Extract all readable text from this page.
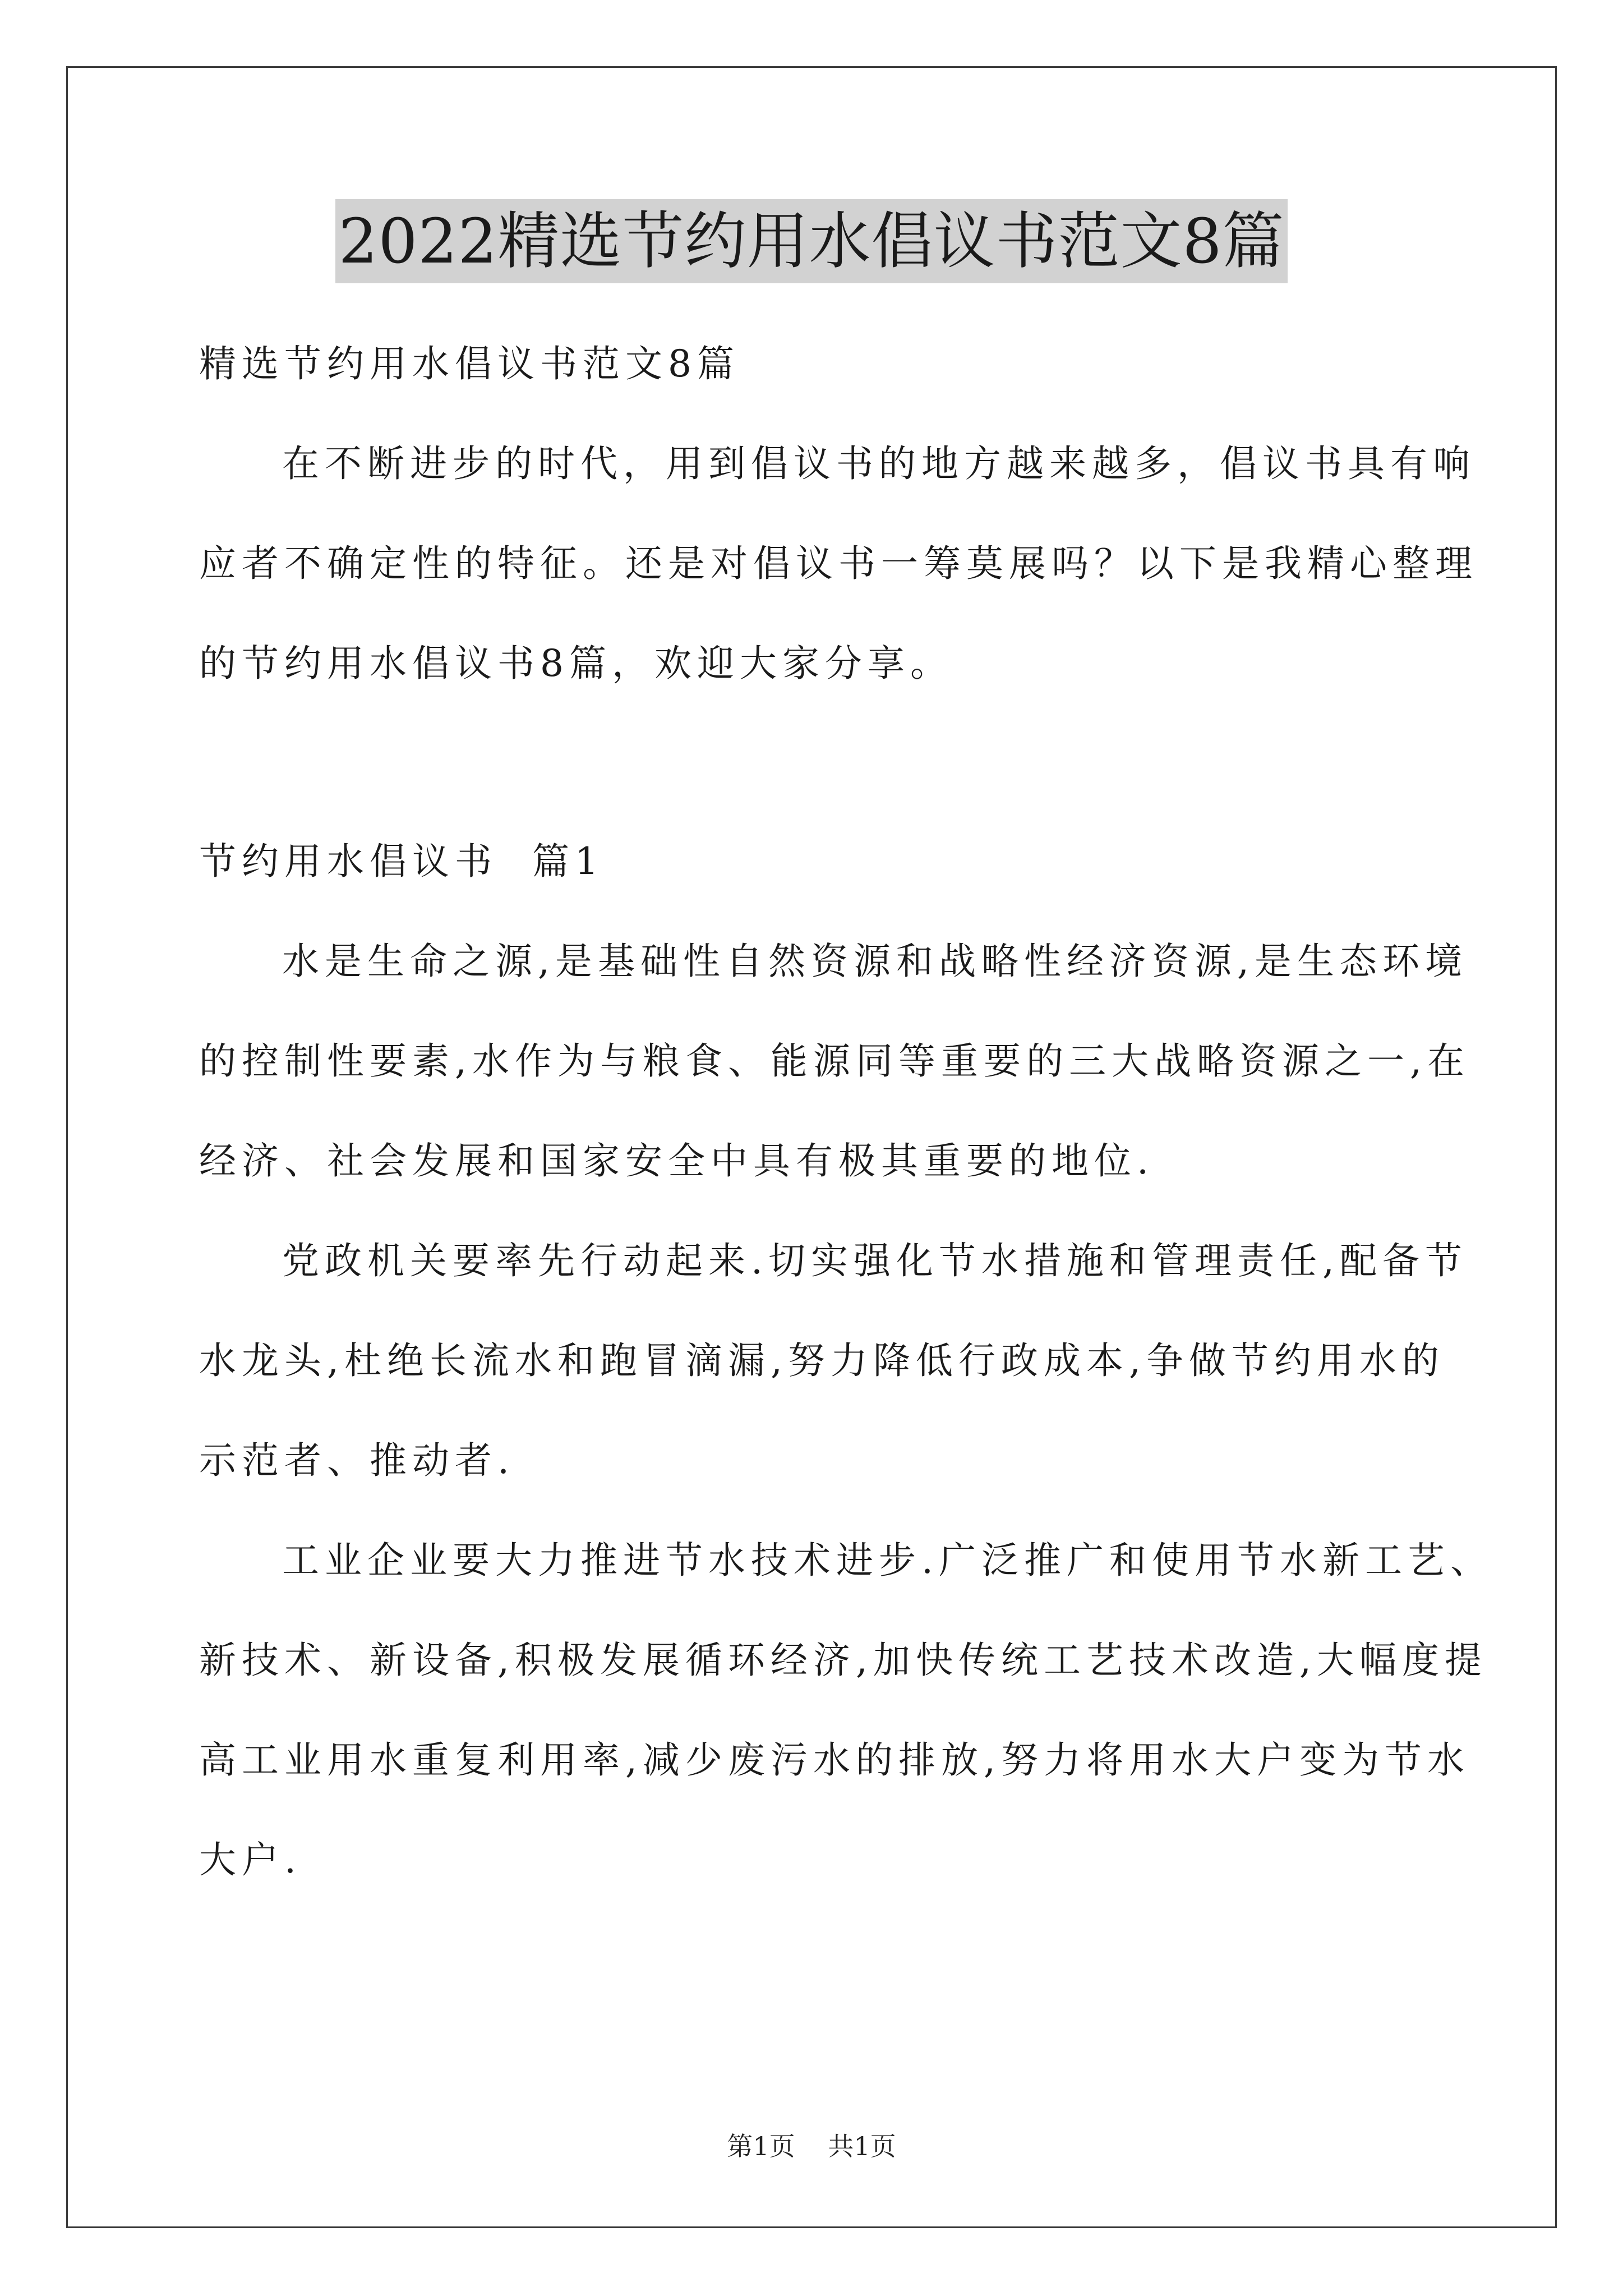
2022精选节约用水倡议书范文8篇
精选节约用水倡议书范文8篇
在不断进步的时代，用到倡议书的地方越来越多，倡议书具有响
应者不确定性的特征。还是对倡议书一筹莫展吗？以下是我精心整理
的节约用水倡议书8篇，欢迎大家分享。
节约用水倡议书  篇1
水是生命之源,是基础性自然资源和战略性经济资源,是生态环境
的控制性要素,水作为与粮食、能源同等重要的三大战略资源之一,在
经济、社会发展和国家安全中具有极其重要的地位.
党政机关要率先行动起来.切实强化节水措施和管理责任,配备节
水龙头,杜绝长流水和跑冒滴漏,努力降低行政成本,争做节约用水的
示范者、推动者.
工业企业要大力推进节水技术进步.广泛推广和使用节水新工艺、
新技术、新设备,积极发展循环经济,加快传统工艺技术改造,大幅度提
高工业用水重复利用率,减少废污水的排放,努力将用水大户变为节水
大户.
第1页 共1页
